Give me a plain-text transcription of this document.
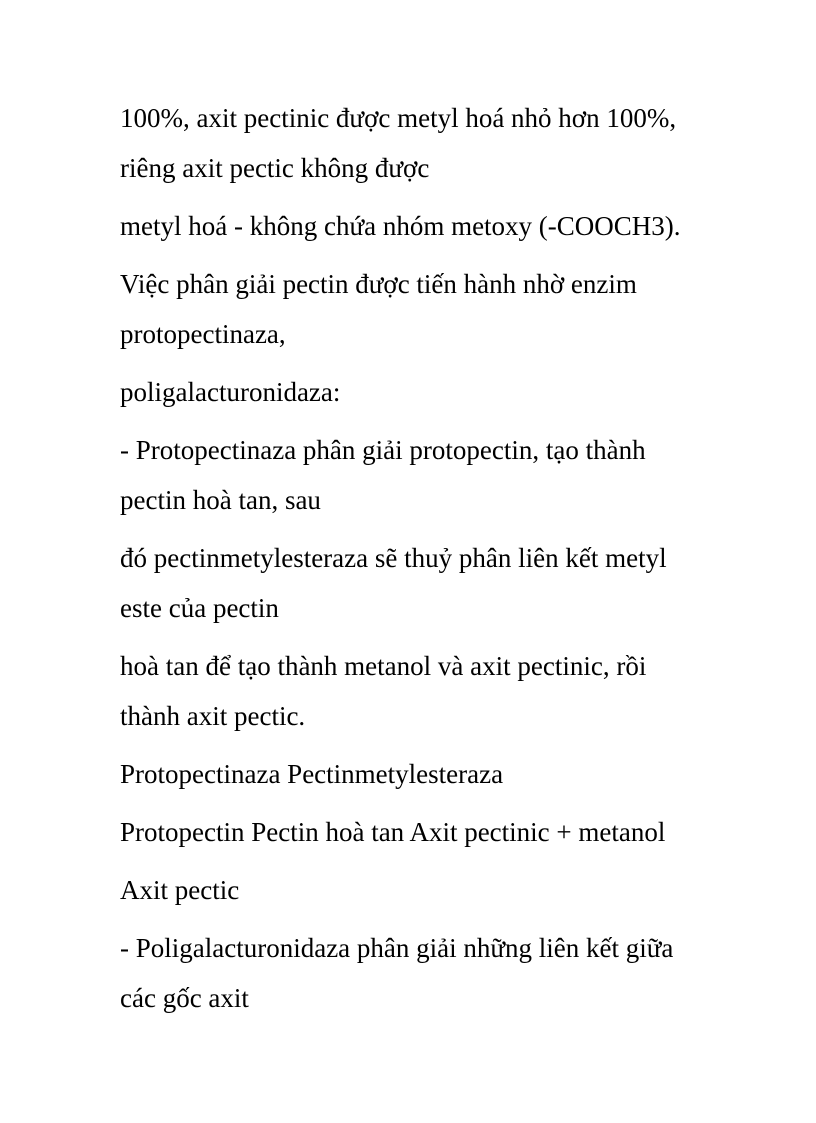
100%, axit pectinic được metyl hoá nhỏ hơn 100%,

riêng axit pectic không được

metyl hoá - không chứa nhóm metoxy (-COOCH3).

Việc phân giải pectin được tiến hành nhờ enzim

protopectinaza,

poligalacturonidaza:

- Protopectinaza phân giải protopectin, tạo thành

pectin hoà tan, sau

đó pectinmetylesteraza sẽ thuỷ phân liên kết metyl

este của pectin

hoà tan để tạo thành metanol và axit pectinic, rồi

thành axit pectic.

Protopectinaza Pectinmetylesteraza

Protopectin Pectin hoà tan Axit pectinic + metanol

Axit pectic

- Poligalacturonidaza phân giải những liên kết giữa

các gốc axit
